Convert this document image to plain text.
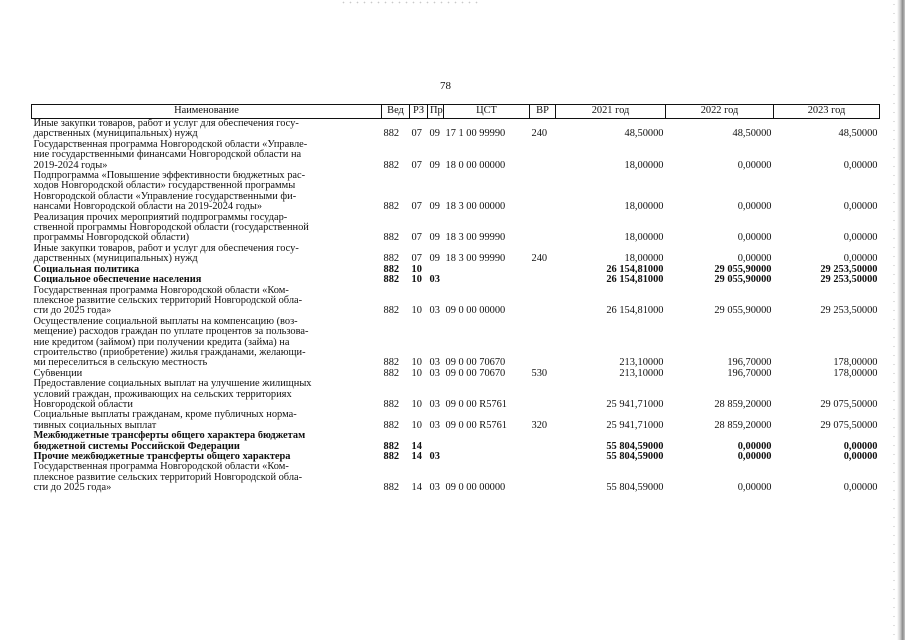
78
Наименование	Вед	РЗ	Пр	ЦСТ	ВР	2021 год	2022 год	2023 год

Иные закупки товаров, работ и услуг для обеспечения госу-
дарственных (муниципальных) нужд	882	07	09	17 1 00 99990	240	48,50000	48,50000	48,50000

Государственная программа Новгородской области «Управле-
ние государственными финансами Новгородской области на
2019-2024 годы»	882	07	09	18 0 00 00000		18,00000	0,00000	0,00000

Подпрограмма «Повышение эффективности бюджетных рас-
ходов Новгородской области» государственной программы
Новгородской области «Управление государственными фи-
нансами Новгородской области на 2019-2024 годы»	882	07	09	18 3 00 00000		18,00000	0,00000	0,00000

Реализация прочих мероприятий подпрограммы государ-
ственной программы Новгородской области (государственной
программы Новгородской области)	882	07	09	18 3 00 99990		18,00000	0,00000	0,00000

Иные закупки товаров, работ и услуг для обеспечения госу-
дарственных (муниципальных) нужд	882	07	09	18 3 00 99990	240	18,00000	0,00000	0,00000

Социальная политика	882	10				26 154,81000	29 055,90000	29 253,50000

Социальное обеспечение населения	882	10	03			26 154,81000	29 055,90000	29 253,50000

Государственная программа Новгородской области «Ком-
плексное развитие сельских территорий Новгородской обла-
сти до 2025 года»	882	10	03	09 0 00 00000		26 154,81000	29 055,90000	29 253,50000

Осуществление социальной выплаты на компенсацию (воз-
мещение) расходов граждан по уплате процентов за пользова-
ние кредитом (займом) при получении кредита (займа) на
строительство (приобретение) жилья гражданами, желающи-
ми переселиться в сельскую местность	882	10	03	09 0 00 70670		213,10000	196,70000	178,00000

Субвенции	882	10	03	09 0 00 70670	530	213,10000	196,70000	178,00000

Предоставление социальных выплат на улучшение жилищных
условий граждан, проживающих на сельских территориях
Новгородской области	882	10	03	09 0 00 R5761		25 941,71000	28 859,20000	29 075,50000

Социальные выплаты гражданам, кроме публичных норма-
тивных социальных выплат	882	10	03	09 0 00 R5761	320	25 941,71000	28 859,20000	29 075,50000

Межбюджетные трансферты общего характера бюджетам
бюджетной системы Российской Федерации	882	14				55 804,59000	0,00000	0,00000

Прочие межбюджетные трансферты общего характера	882	14	03			55 804,59000	0,00000	0,00000

Государственная программа Новгородской области «Ком-
плексное развитие сельских территорий Новгородской обла-
сти до 2025 года»	882	14	03	09 0 00 00000		55 804,59000	0,00000	0,00000
